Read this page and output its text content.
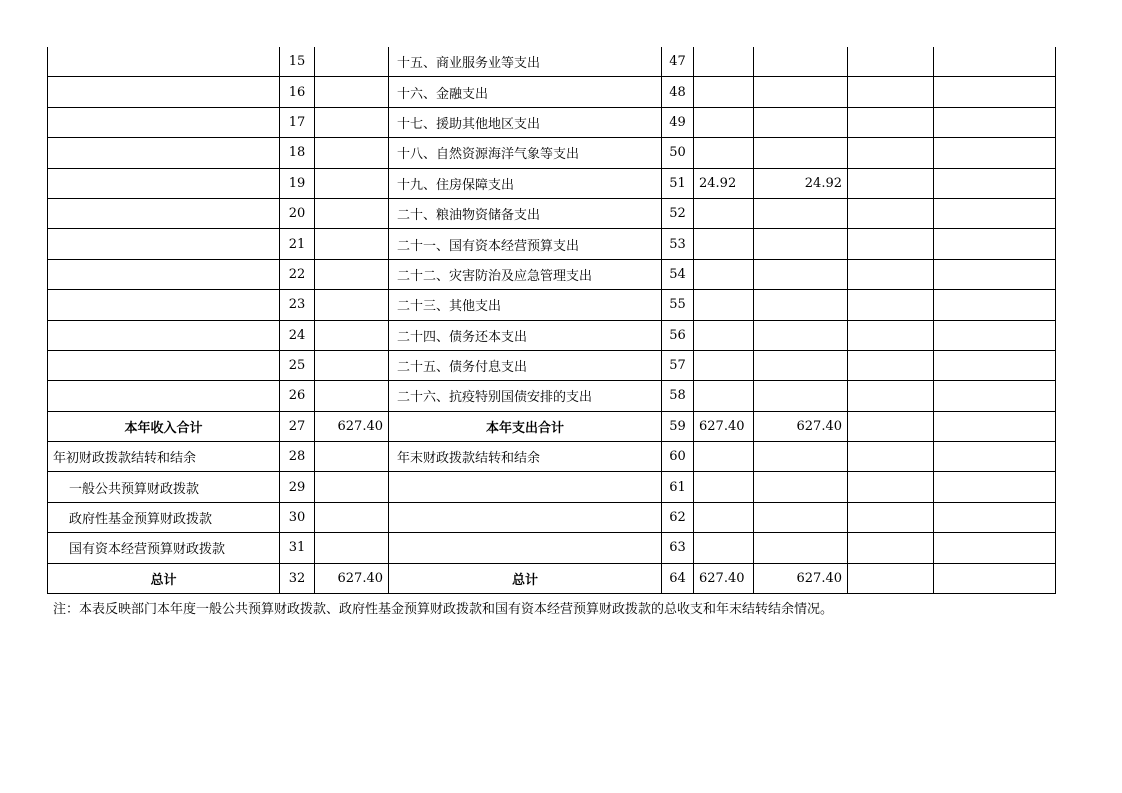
	15		十五、商业服务业等支出	47				
	16		十六、金融支出	48				
	17		十七、援助其他地区支出	49				
	18		十八、自然资源海洋气象等支出	50				
	19		十九、住房保障支出	51	24.92	24.92		
	20		二十、粮油物资储备支出	52				
	21		二十一、国有资本经营预算支出	53				
	22		二十二、灾害防治及应急管理支出	54				
	23		二十三、其他支出	55				
	24		二十四、债务还本支出	56				
	25		二十五、债务付息支出	57				
	26		二十六、抗疫特别国债安排的支出	58				
本年收入合计	27	627.40	本年支出合计	59	627.40	627.40		
年初财政拨款结转和结余	28		年末财政拨款结转和结余	60				
一般公共预算财政拨款	29			61				
政府性基金预算财政拨款	30			62				
国有资本经营预算财政拨款	31			63				
总计	32	627.40	总计	64	627.40	627.40		
注：本表反映部门本年度一般公共预算财政拨款、政府性基金预算财政拨款和国有资本经营预算财政拨款的总收支和年末结转结余情况。
